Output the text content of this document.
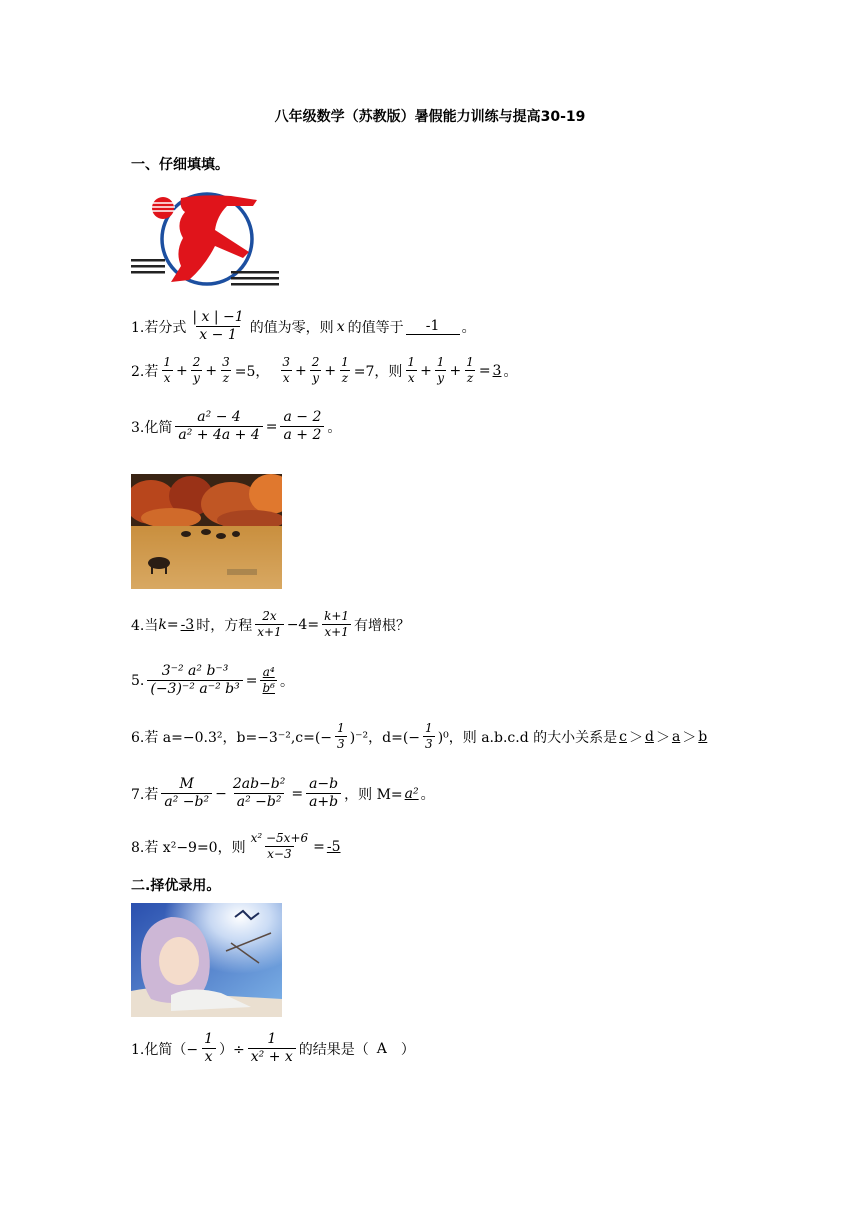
八年级数学（苏教版）暑假能力训练与提高30-19
一、仔细填填。
1.若分式 $\frac{| x | -1}{x - 1}$ 的值为零，则 x 的值等于	-1	。
2.若 $\frac{1}{x} + \frac{2}{y} + \frac{3}{z} =5$， $\frac{3}{x} + \frac{2}{y} + \frac{1}{z} =7$，则 $\frac{1}{x} + \frac{1}{y} + \frac{1}{z} = 3$ 。
3.化简 $\frac{\text{a² − 4}}{\text{a² + 4a + 4}} = \frac{a - 2}{a + 2}$ 。
4.当 k = -3 时，方程 $\frac{2x}{x+1} -4= \frac{k+1}{x+1}$ 有增根？
5. $\frac{\text{3⁻² a² b⁻³}}{\text{(−3)⁻² a⁻² b³}} = \frac{\text{a⁴}}{\text{b⁶}}$ 。
6.若 a=−0.3²，$b=-3^{-2},c=(- \frac{1}{3} )^{-2}$，$d=(- \frac{1}{3} )^0$，则 a.b.c.d 的大小关系是 c ＞ d ＞ a ＞ b
7.若 $\frac{M}{\text{a² −b²}} - \frac{\text{2ab−b²}}{\text{a² −b²}} = \frac{a-b}{a+b}$ ，则 M= a² 。
8.若 x²−9=0，则 $\frac{\text{x² −5x+6}}{x-3} = -5$
二.择优录用。
1.化简（− $\frac{1}{x}$ ）÷ $\frac{1}{\text{x² + x}}$ 的结果是（ A ）
